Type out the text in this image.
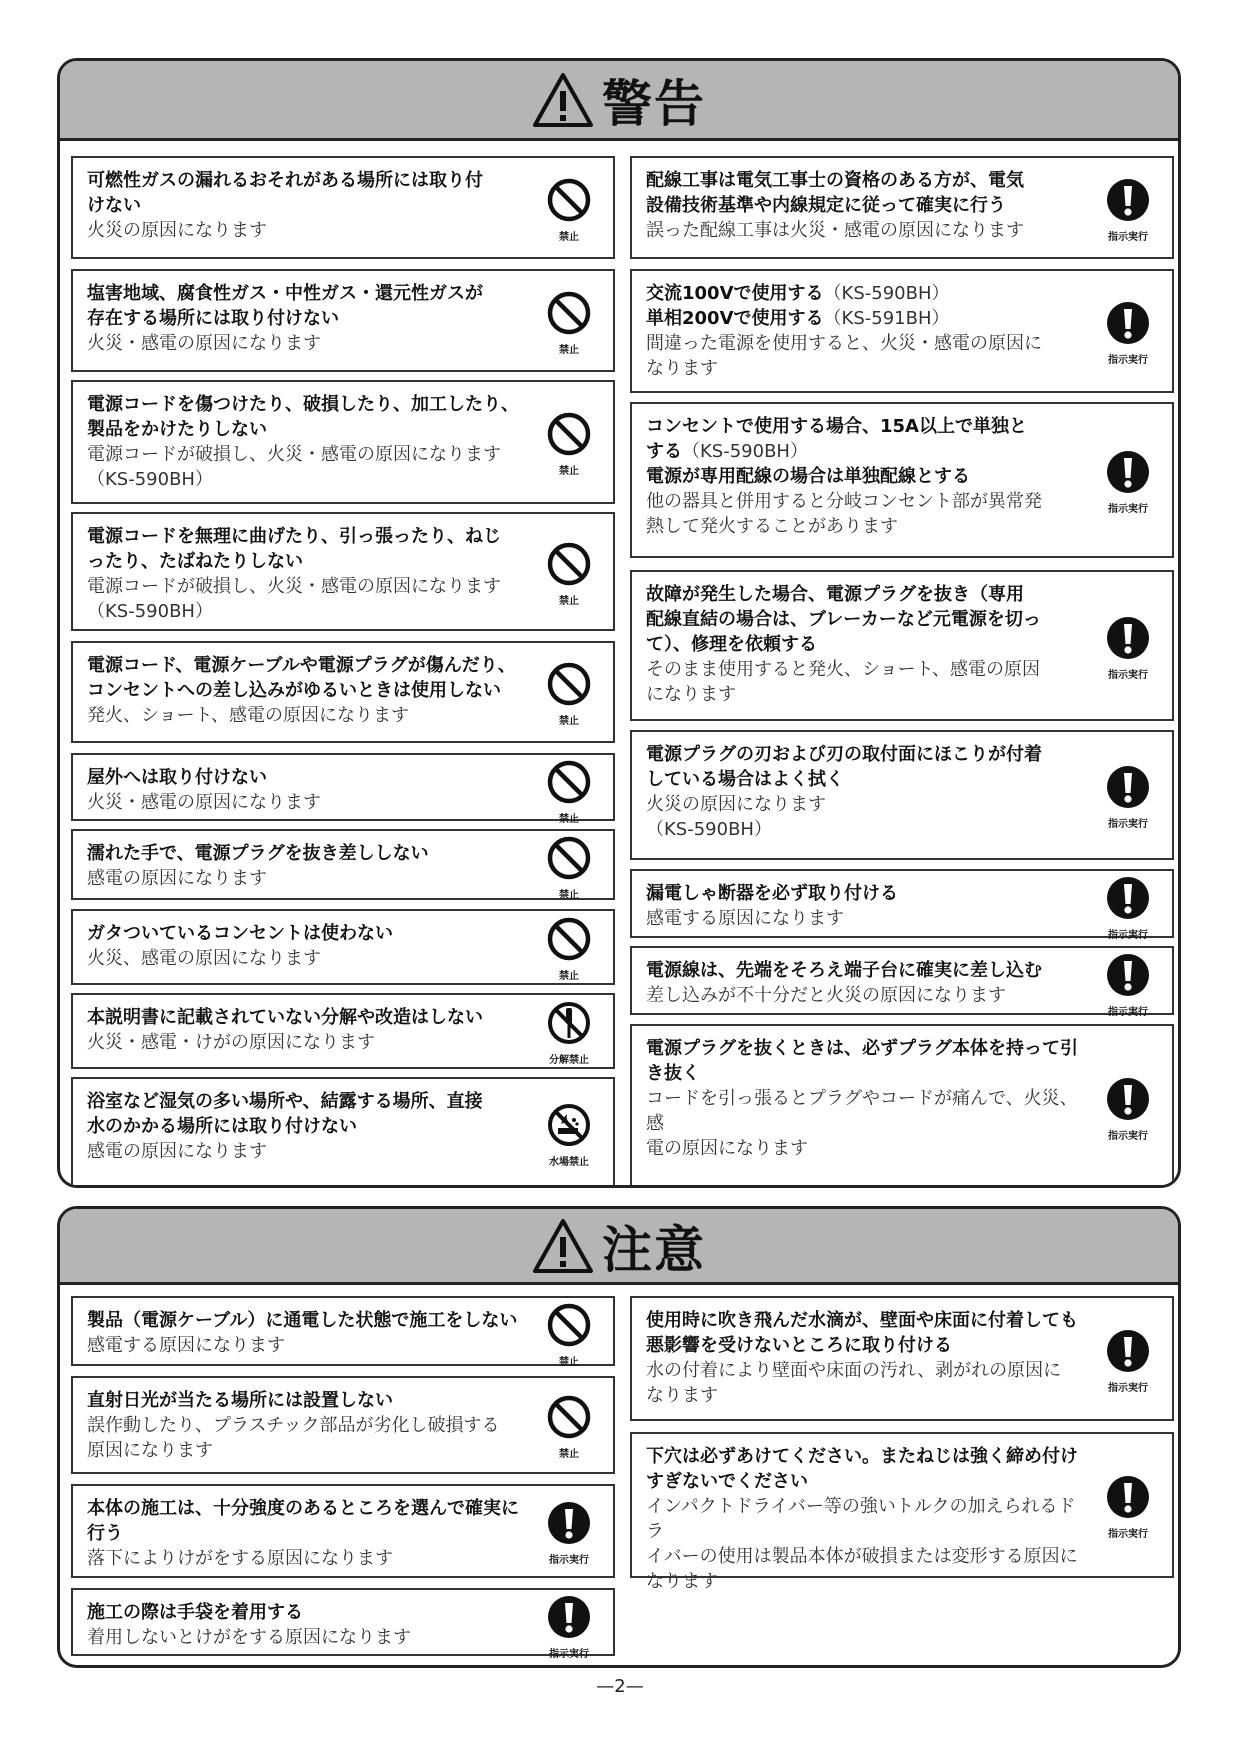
警告
可燃性ガスの漏れるおそれがある場所には取り付
けない
火災の原因になります	禁止
塩害地域、腐食性ガス・中性ガス・還元性ガスが
存在する場所には取り付けない
火災・感電の原因になります	禁止
電源コードを傷つけたり、破損したり、加工したり、
製品をかけたりしない
電源コードが破損し、火災・感電の原因になります
（KS-590BH）	禁止
電源コードを無理に曲げたり、引っ張ったり、ねじ
ったり、たばねたりしない
電源コードが破損し、火災・感電の原因になります
（KS-590BH）	禁止
電源コード、電源ケーブルや電源プラグが傷んだり、
コンセントへの差し込みがゆるいときは使用しない
発火、ショート、感電の原因になります	禁止
屋外へは取り付けない
火災・感電の原因になります
禁止
濡れた手で、電源プラグを抜き差ししない
感電の原因になります
禁止
ガタついているコンセントは使わない
火災、感電の原因になります
禁止
本説明書に記載されていない分解や改造はしない
火災・感電・けがの原因になります
分解禁止
浴室など湿気の多い場所や、結露する場所、直接
水のかかる場所には取り付けない
感電の原因になります	水場禁止
配線工事は電気工事士の資格のある方が、電気
設備技術基準や内線規定に従って確実に行う
誤った配線工事は火災・感電の原因になります	指示実行
交流100Vで使用する（KS-590BH）
単相200Vで使用する（KS-591BH）
間違った電源を使用すると、火災・感電の原因に
なります	指示実行
コンセントで使用する場合、15A以上で単独と
する（KS-590BH）
電源が専用配線の場合は単独配線とする
他の器具と併用すると分岐コンセント部が異常発
熱して発火することがあります
指示実行
故障が発生した場合、電源プラグを抜き（専用
配線直結の場合は、ブレーカーなど元電源を切っ
て）、修理を依頼する
そのまま使用すると発火、ショート、感電の原因
になります
指示実行
電源プラグの刃および刃の取付面にほこりが付着
している場合はよく拭く
火災の原因になります
（KS-590BH）	指示実行
漏電しゃ断器を必ず取り付ける
感電する原因になります
指示実行
電源線は、先端をそろえ端子台に確実に差し込む
差し込みが不十分だと火災の原因になります
指示実行
電源プラグを抜くときは、必ずプラグ本体を持って引
き抜く
コードを引っ張るとプラグやコードが痛んで、火災、感
電の原因になります
指示実行
注意
製品（電源ケーブル）に通電した状態で施工をしない
感電する原因になります
禁止
直射日光が当たる場所には設置しない
誤作動したり、プラスチック部品が劣化し破損する
原因になります	禁止
本体の施工は、十分強度のあるところを選んで確実に
行う
落下によりけがをする原因になります	指示実行
施工の際は手袋を着用する
着用しないとけがをする原因になります
指示実行
使用時に吹き飛んだ水滴が、壁面や床面に付着しても
悪影響を受けないところに取り付ける
水の付着により壁面や床面の汚れ、剥がれの原因に
なります	指示実行
下穴は必ずあけてください。またねじは強く締め付け
すぎないでください
インパクトドライバー等の強いトルクの加えられるドラ
イバーの使用は製品本体が破損または変形する原因に
なります
指示実行
—2—
